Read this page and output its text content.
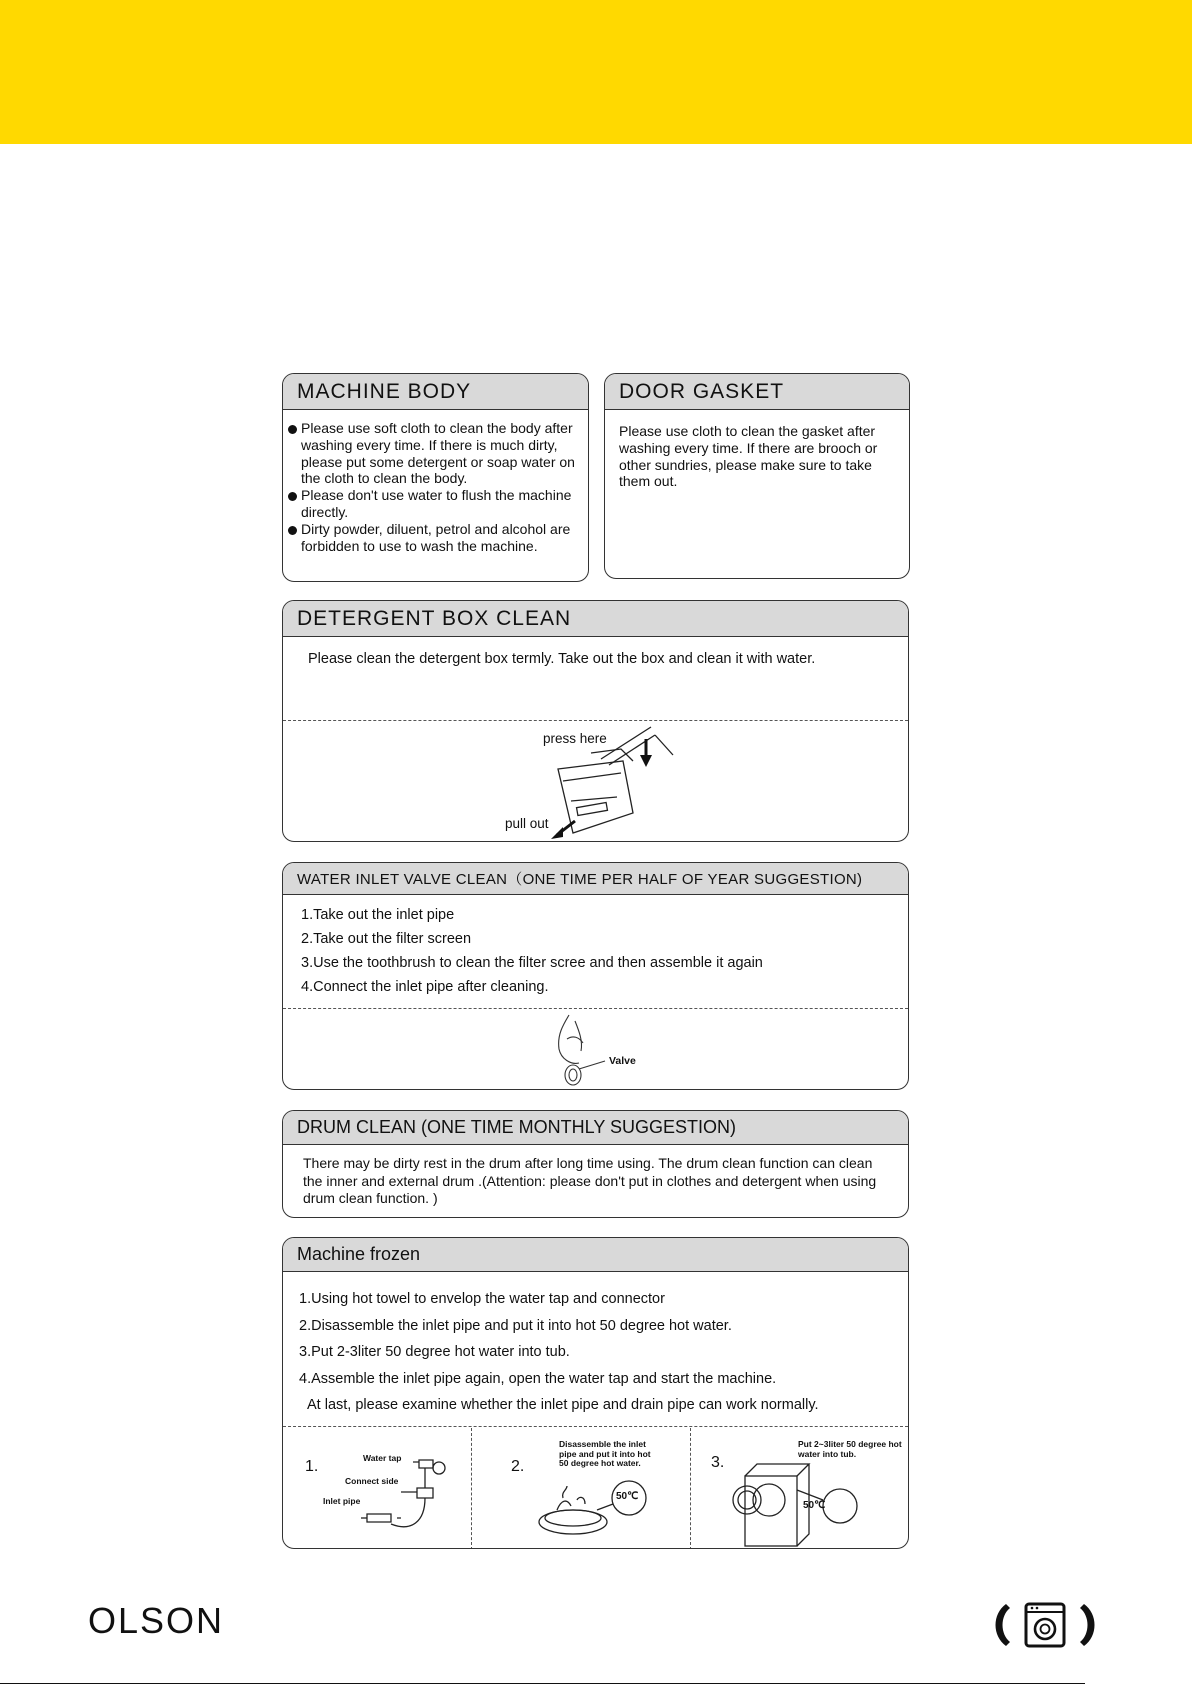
MACHINE BODY
Please use soft cloth to clean the body after washing every time. If there is much dirty, please put some detergent or soap water on the cloth to clean the body.
Please don't use water to flush the machine directly.
Dirty powder, diluent, petrol and alcohol are forbidden to use to wash the machine.
DOOR GASKET
Please use cloth to clean the gasket after washing every time. If there are brooch or other sundries, please make sure to take them out.
DETERGENT BOX CLEAN
Please clean the detergent box termly. Take out the box and clean it with water.
press here
pull out
WATER INLET VALVE CLEAN（ONE TIME PER HALF OF YEAR SUGGESTION)
1.Take out the inlet pipe
2.Take out the filter screen
3.Use the toothbrush to clean the filter scree and then assemble it again
4.Connect the inlet pipe after cleaning.
Valve
DRUM CLEAN (ONE TIME MONTHLY SUGGESTION)
There may be dirty rest in the drum after long time using. The drum clean function can clean the inner and external drum .(Attention: please don't put in clothes and detergent when using drum clean function. )
Machine frozen
1.Using hot towel to envelop the water tap and connector
2.Disassemble the inlet pipe and put it into hot 50 degree hot water.
3.Put 2-3liter 50 degree hot water into tub.
4.Assemble the inlet pipe again, open the water tap and start the machine.
At last, please examine whether the inlet pipe and drain pipe can work normally.
1.	Water tap
Connect side
Inlet pipe
2.
Disassemble the inlet pipe and put it into hot 50 degree hot water.
50℃
3.
Put 2~3liter 50 degree hot water into tub.
50℃
OLSON
